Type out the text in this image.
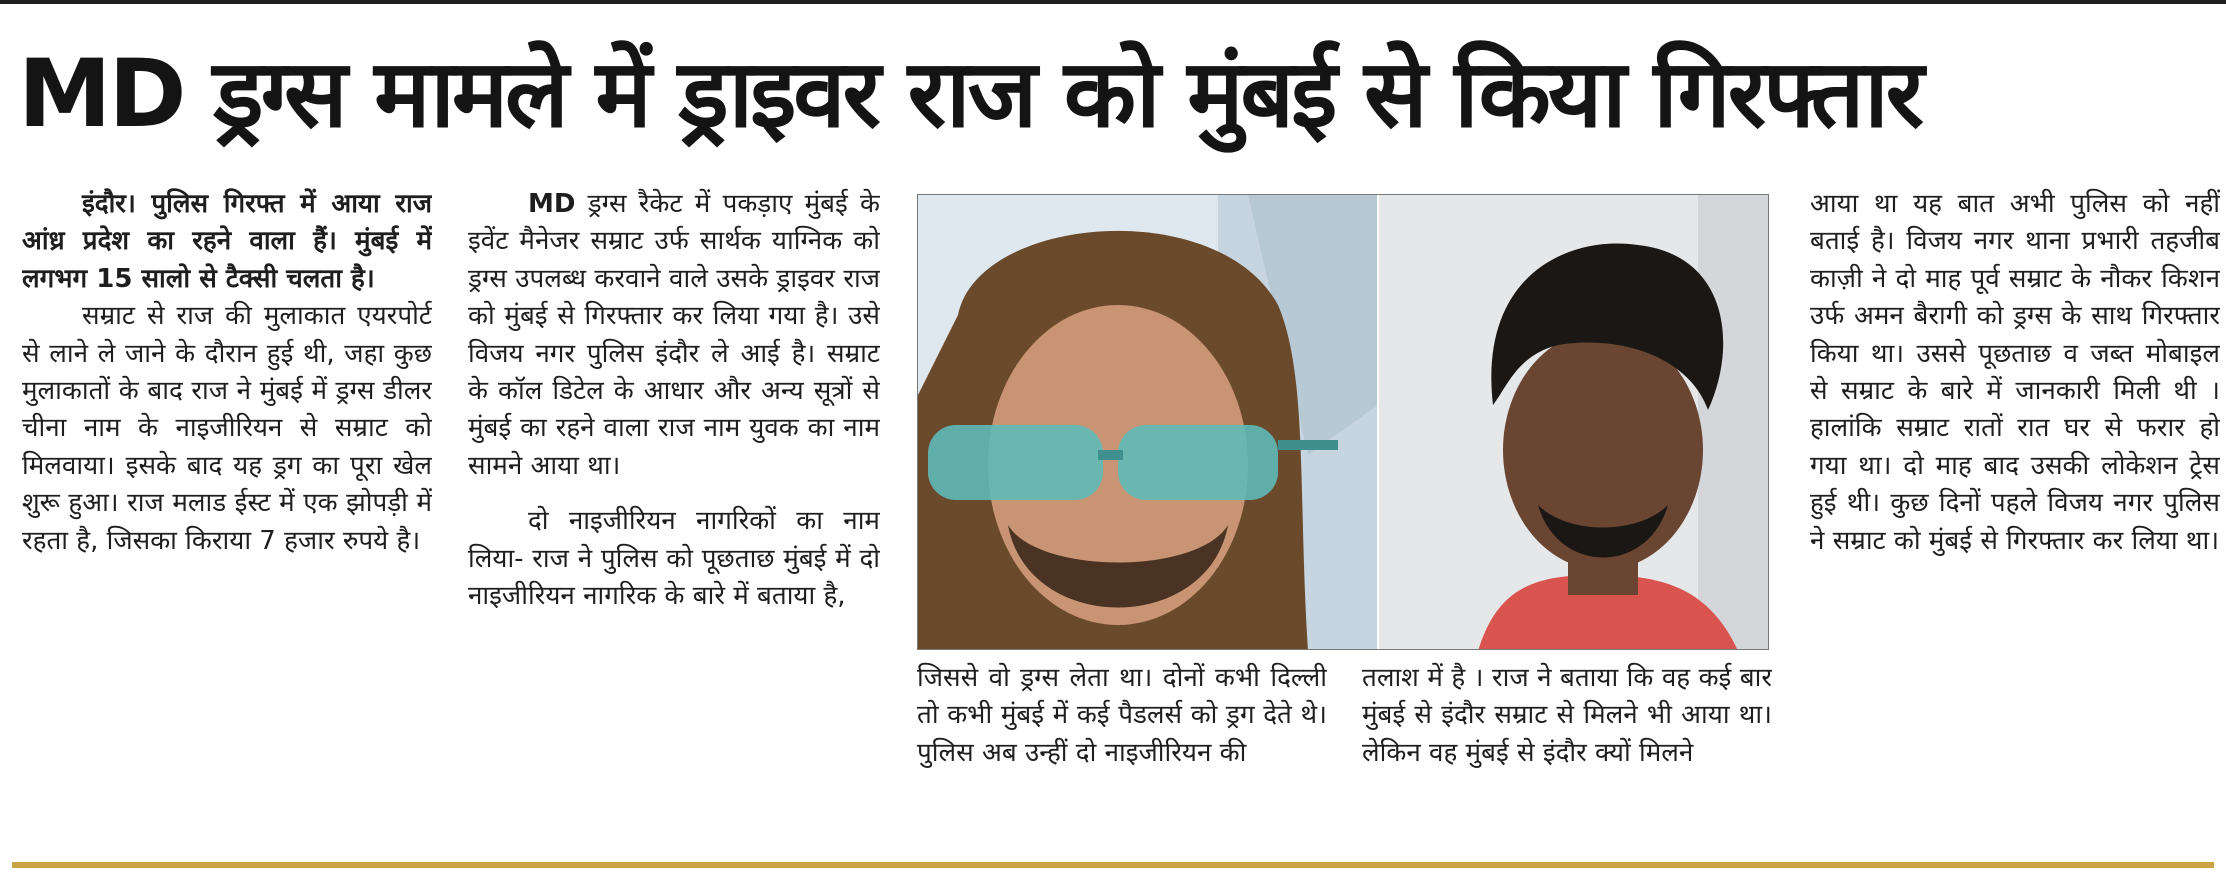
MD ड्रग्स मामले में ड्राइवर राज को मुंबई से किया गिरफ्तार

इंदौर। पुलिस गिरफ्त में आया राज आंध्र प्रदेश का रहने वाला हैं। मुंबई में लगभग 15 सालो से टैक्सी चलता है।

सम्राट से राज की मुलाकात एयरपोर्ट से लाने ले जाने के दौरान हुई थी, जहा कुछ मुलाकातों के बाद राज ने मुंबई में ड्रग्स डीलर चीना नाम के नाइजीरियन से सम्राट को मिलवाया। इसके बाद यह ड्रग का पूरा खेल शुरू हुआ। राज मलाड ईस्ट में एक झोपड़ी में रहता है, जिसका किराया 7 हजार रुपये है।

MD ड्रग्स रैकेट में पकड़ाए मुंबई के इवेंट मैनेजर सम्राट उर्फ सार्थक याग्निक को ड्रग्स उपलब्ध करवाने वाले उसके ड्राइवर राज को मुंबई से गिरफ्तार कर लिया गया है। उसे विजय नगर पुलिस इंदौर ले आई है। सम्राट के कॉल डिटेल के आधार और अन्य सूत्रों से मुंबई का रहने वाला राज नाम युवक का नाम सामने आया था।

दो नाइजीरियन नागरिकों का नाम लिया- राज ने पुलिस को पूछताछ मुंबई में दो नाइजीरियन नागरिक के बारे में बताया है,

जिससे वो ड्रग्स लेता था। दोनों कभी दिल्ली तो कभी मुंबई में कई पैडलर्स को ड्रग देते थे। पुलिस अब उन्हीं दो नाइजीरियन की

तलाश में है । राज ने बताया कि वह कई बार मुंबई से इंदौर सम्राट से मिलने भी आया था। लेकिन वह मुंबई से इंदौर क्यों मिलने

आया था यह बात अभी पुलिस को नहीं बताई है। विजय नगर थाना प्रभारी तहजीब काज़ी ने दो माह पूर्व सम्राट के नौकर किशन उर्फ अमन बैरागी को ड्रग्स के साथ गिरफ्तार किया था। उससे पूछताछ व जब्त मोबाइल से सम्राट के बारे में जानकारी मिली थी । हालांकि सम्राट रातों रात घर से फरार हो गया था। दो माह बाद उसकी लोकेशन ट्रेस हुई थी। कुछ दिनों पहले विजय नगर पुलिस ने सम्राट को मुंबई से गिरफ्तार कर लिया था।
